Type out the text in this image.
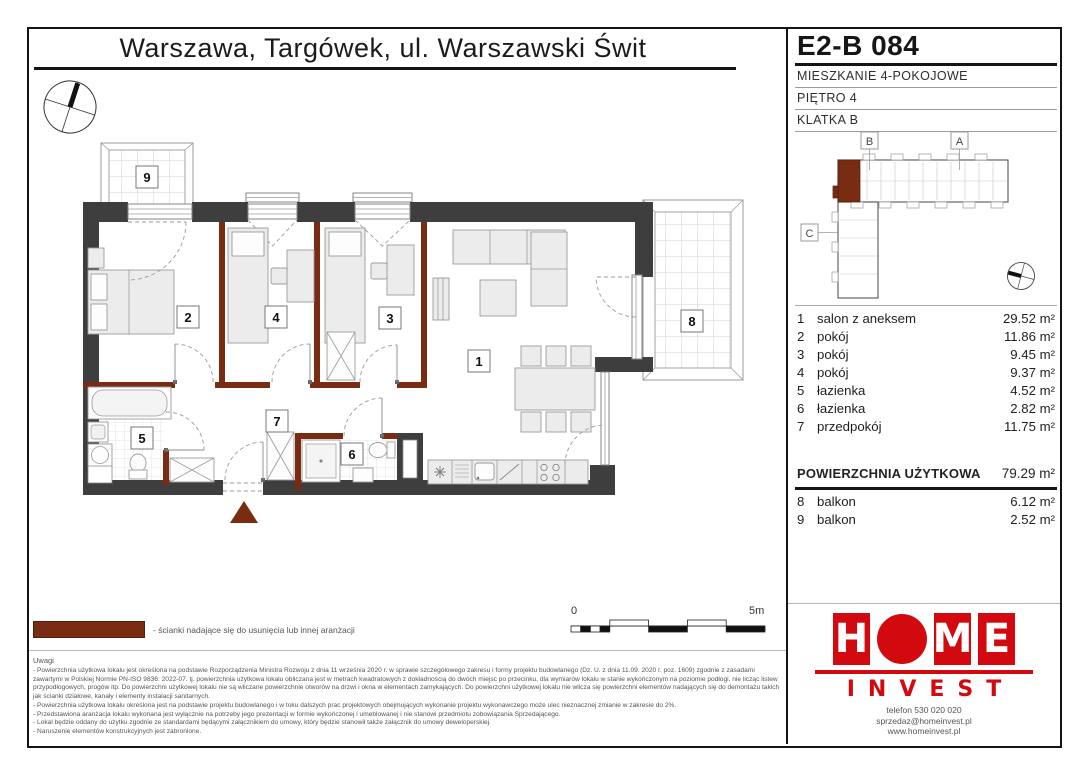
Warszawa, Targówek, ul. Warszawski Świt
9
2	4	3
1
8
5
7
6
E2-B 084
MIESZKANIE 4-POKOJOWE
PIĘTRO 4
KLATKA B
B	A
C
1 salon z aneksem	29.52 m²
2 pokój	11.86 m²
3 pokój	9.45 m²
4 pokój	9.37 m²
5 łazienka	4.52 m²
6 łazienka	2.82 m²
7 przedpokój	11.75 m²
POWIERZCHNIA UŻYTKOWA	79.29 m²
8 balkon	6.12 m²
9 balkon	2.52 m²
H M E
INVEST
telefon 530 020 020
sprzedaz@homeinvest.pl
www.homeinvest.pl
- ścianki nadające się do usunięcia lub innej aranżacji
0	5m
Uwagi

- Powierzchnia użytkowa lokalu jest określona na podstawie Rozporządzenia Ministra Rozwoju z dnia 11 września 2020 r. w sprawie szczegółowego zakresu i formy projektu budowlanego (Dz. U. z dnia 11.09. 2020 r. poz. 1609) zgodnie z zasadami zawartymi w Polskiej Normie PN-ISO 9836: 2022-07. tj. powierzchnia użytkowa lokalu obliczana jest w metrach kwadratowych z dokładnością do dwóch miejsc po przecinku, dla wymiarów lokalu w stanie wykończonym na poziomie podłogi, nie licząc listew przypodłogowych, progów itp. Do powierzchni użytkowej lokalu nie są wliczane powierzchnie otworów na drzwi i okna w elementach zamykających. Do powierzchni użytkowej lokalu nie wlicza się powierzchni elementów nadających się do demontażu takich jak ścianki działowe, kanały i elementy instalacji sanitarnych.

- Powierzchnia użytkowa lokalu określona jest na podstawie projektu budowlanego i w toku dalszych prac projektowych obejmujących wykonanie projektu wykonawczego może ulec nieznacznej zmianie w zakresie do 2%.

- Przedstawiona aranżacja lokalu wykonana jest wyłącznie na potrzeby jego prezentacji w formie wykończonej i umeblowanej i nie stanowi przedmiotu zobowiązania Sprzedającego.

- Lokal będzie oddany do użytku zgodnie ze standardami będącymi załącznikiem do umowy, który będzie stanowił także załącznik do umowy deweloperskiej.

- Naruszenie elementów konstrukcyjnych jest zabronione.
